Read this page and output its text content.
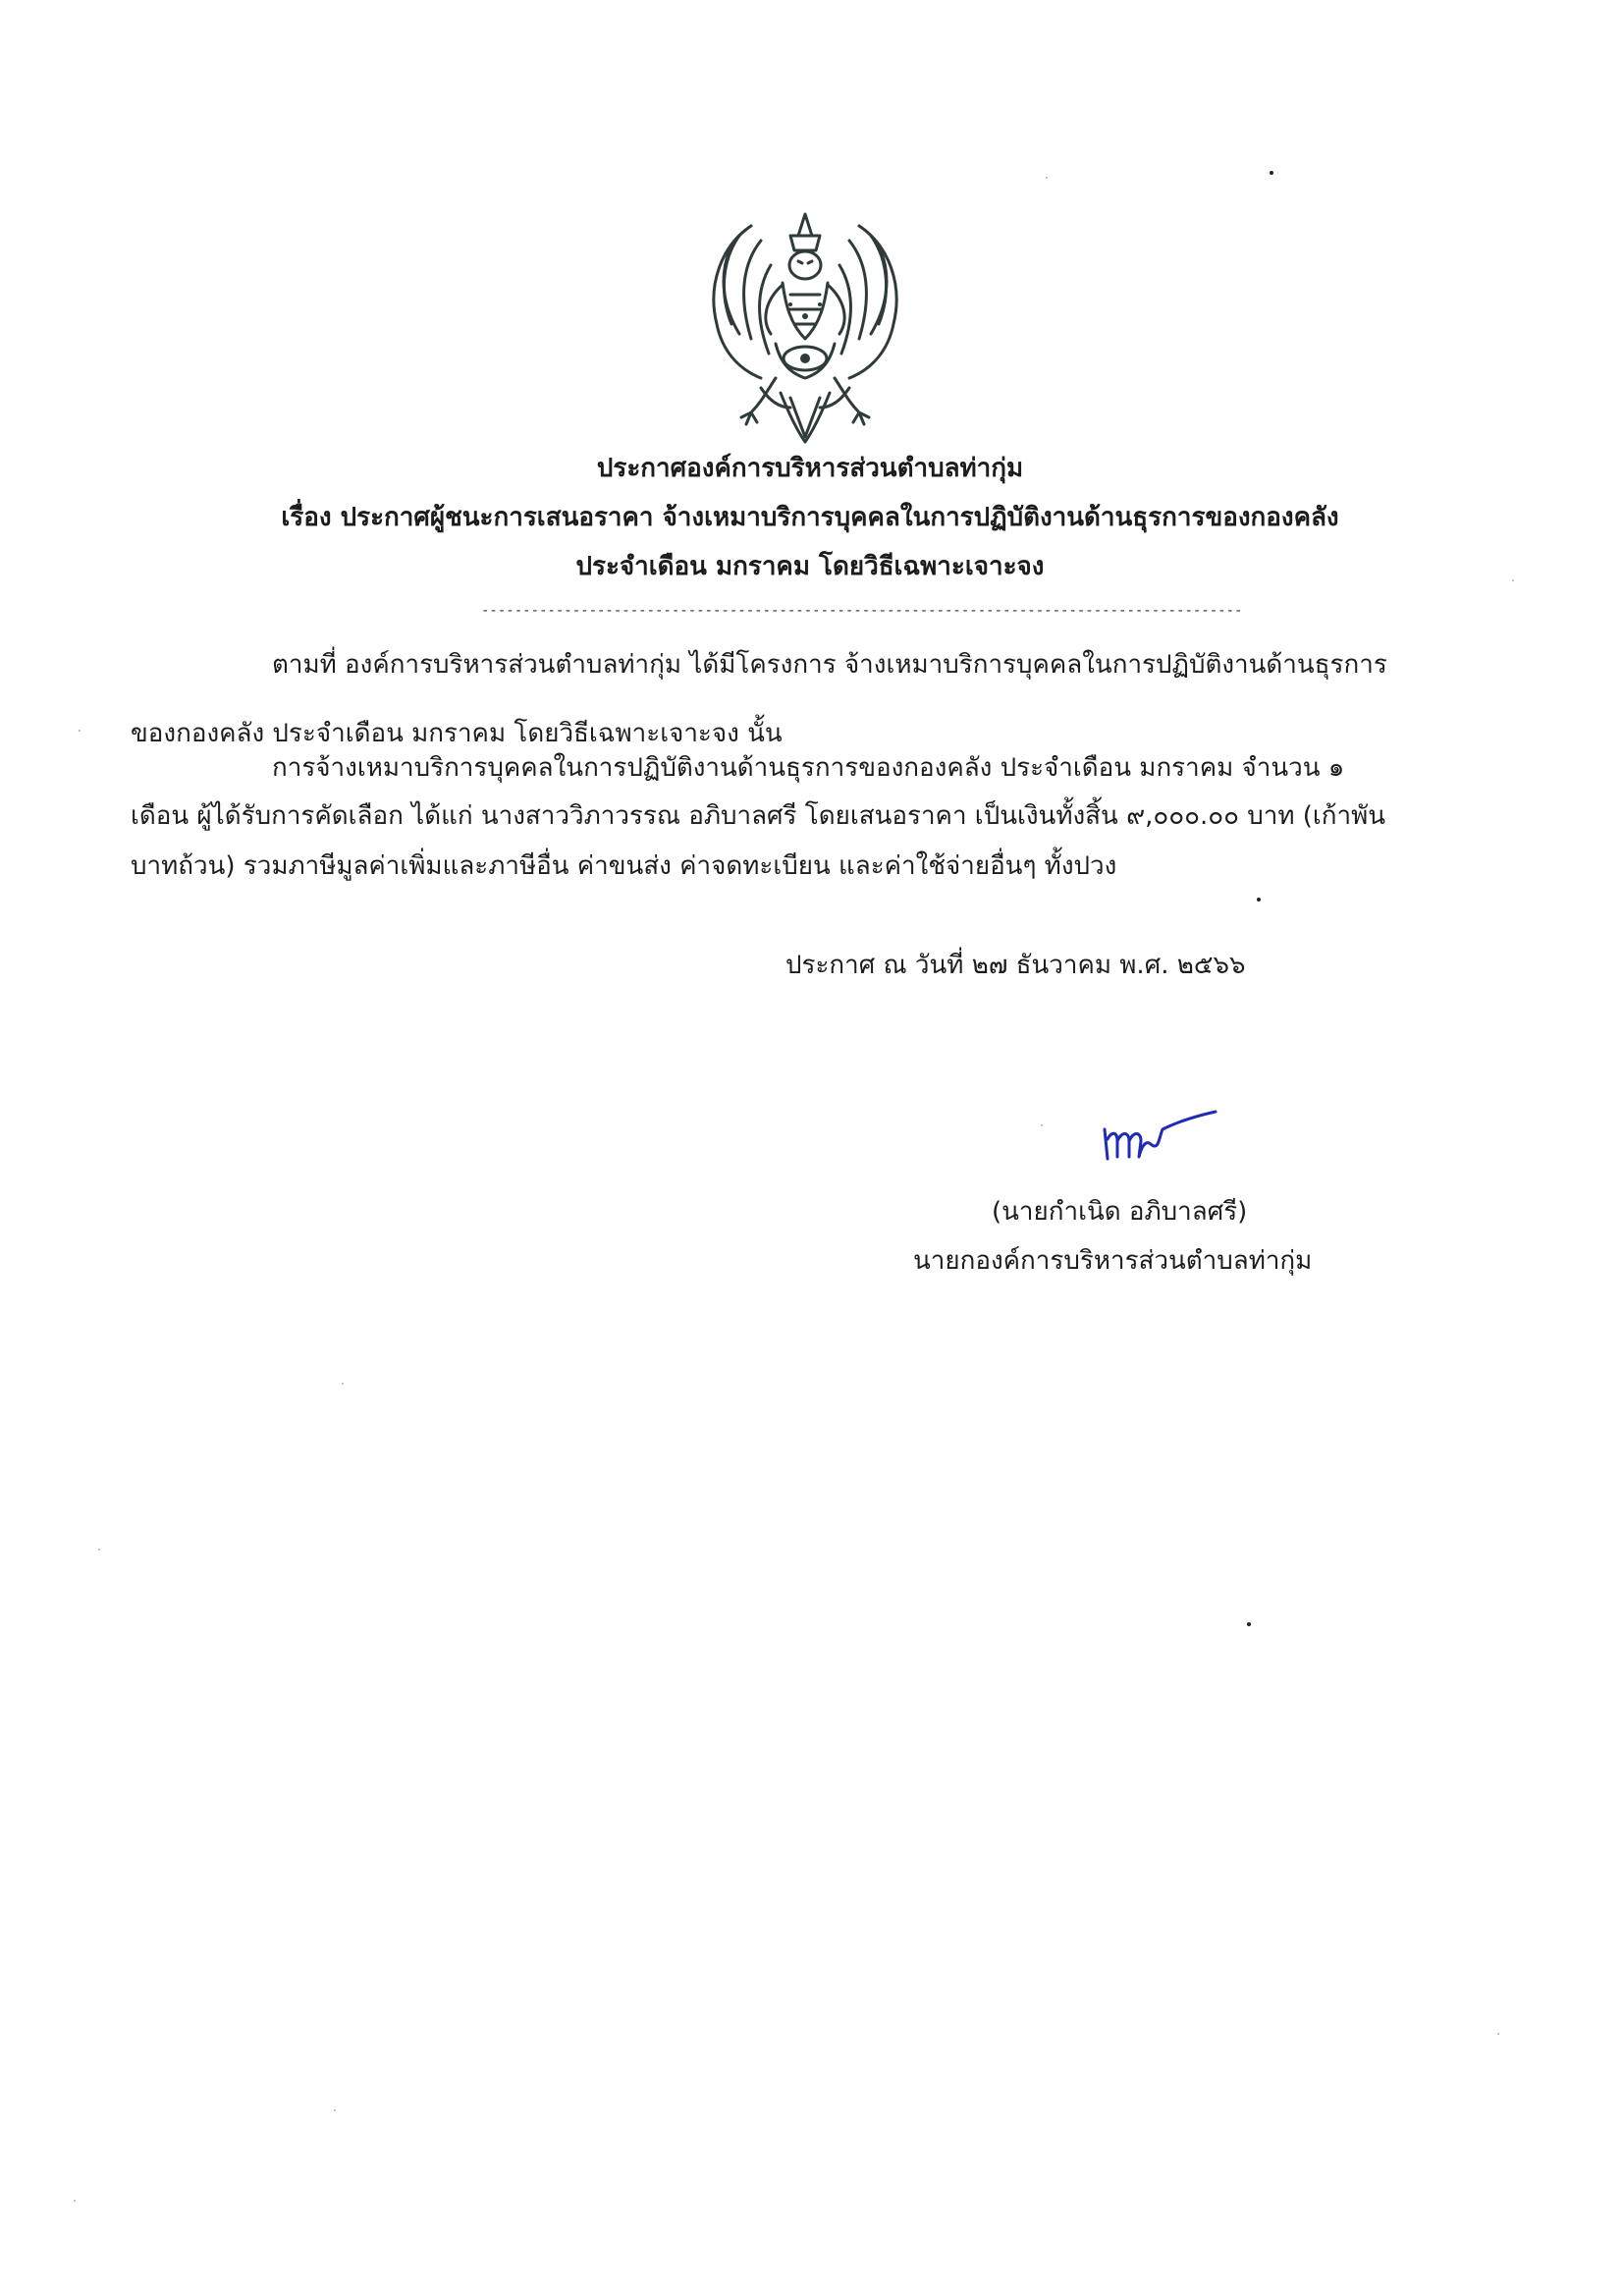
ประกาศองค์การบริหารส่วนตำบลท่ากุ่ม
เรื่อง ประกาศผู้ชนะการเสนอราคา จ้างเหมาบริการบุคคลในการปฏิบัติงานด้านธุรการของกองคลัง
ประจำเดือน มกราคม โดยวิธีเฉพาะเจาะจง
--------------------------------------------------------------------------------------------
ตามที่ องค์การบริหารส่วนตำบลท่ากุ่ม ได้มีโครงการ จ้างเหมาบริการบุคคลในการปฏิบัติงานด้านธุรการ
ของกองคลัง ประจำเดือน มกราคม โดยวิธีเฉพาะเจาะจง นั้น
การจ้างเหมาบริการบุคคลในการปฏิบัติงานด้านธุรการของกองคลัง ประจำเดือน มกราคม จำนวน ๑
เดือน ผู้ได้รับการคัดเลือก ได้แก่ นางสาววิภาวรรณ อภิบาลศรี โดยเสนอราคา เป็นเงินทั้งสิ้น ๙,๐๐๐.๐๐ บาท (เก้าพัน
บาทถ้วน) รวมภาษีมูลค่าเพิ่มและภาษีอื่น ค่าขนส่ง ค่าจดทะเบียน และค่าใช้จ่ายอื่นๆ ทั้งปวง
ประกาศ ณ วันที่ ๒๗ ธันวาคม พ.ศ. ๒๕๖๖
(นายกำเนิด อภิบาลศรี)
นายกองค์การบริหารส่วนตำบลท่ากุ่ม
